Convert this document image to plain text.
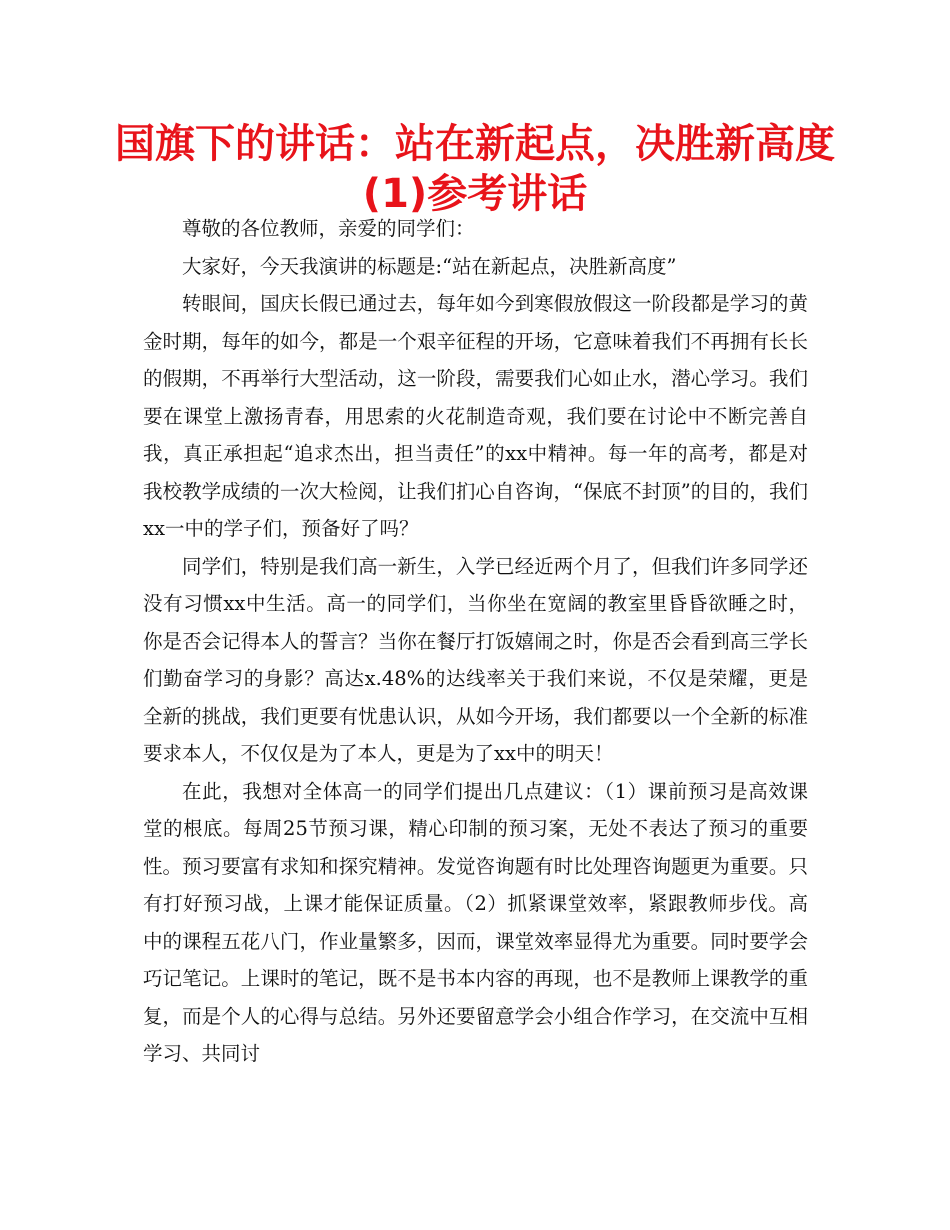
国旗下的讲话：站在新起点，决胜新高度
(1)参考讲话

尊敬的各位教师，亲爱的同学们：

大家好，今天我演讲的标题是:“站在新起点，决胜新高度”

转眼间，国庆长假已通过去，每年如今到寒假放假这一阶段都是学习的黄金时期，每年的如今，都是一个艰辛征程的开场，它意味着我们不再拥有长长的假期，不再举行大型活动，这一阶段，需要我们心如止水，潜心学习。我们要在课堂上激扬青春，用思索的火花制造奇观，我们要在讨论中不断完善自我，真正承担起“追求杰出，担当责任”的xx中精神。每一年的高考，都是对我校教学成绩的一次大检阅，让我们扪心自咨询，“保底不封顶”的目的，我们xx一中的学子们，预备好了吗？

同学们，特别是我们高一新生，入学已经近两个月了，但我们许多同学还没有习惯xx中生活。高一的同学们，当你坐在宽阔的教室里昏昏欲睡之时，你是否会记得本人的誓言？当你在餐厅打饭嬉闹之时，你是否会看到高三学长们勤奋学习的身影？高达x.48%的达线率关于我们来说，不仅是荣耀，更是全新的挑战，我们更要有忧患认识，从如今开场，我们都要以一个全新的标准要求本人，不仅仅是为了本人，更是为了xx中的明天！

在此，我想对全体高一的同学们提出几点建议：（1）课前预习是高效课堂的根底。每周25节预习课，精心印制的预习案，无处不表达了预习的重要性。预习要富有求知和探究精神。发觉咨询题有时比处理咨询题更为重要。只有打好预习战，上课才能保证质量。（2）抓紧课堂效率，紧跟教师步伐。高中的课程五花八门，作业量繁多，因而，课堂效率显得尤为重要。同时要学会巧记笔记。上课时的笔记，既不是书本内容的再现，也不是教师上课教学的重复，而是个人的心得与总结。另外还要留意学会小组合作学习，在交流中互相学习、共同讨
